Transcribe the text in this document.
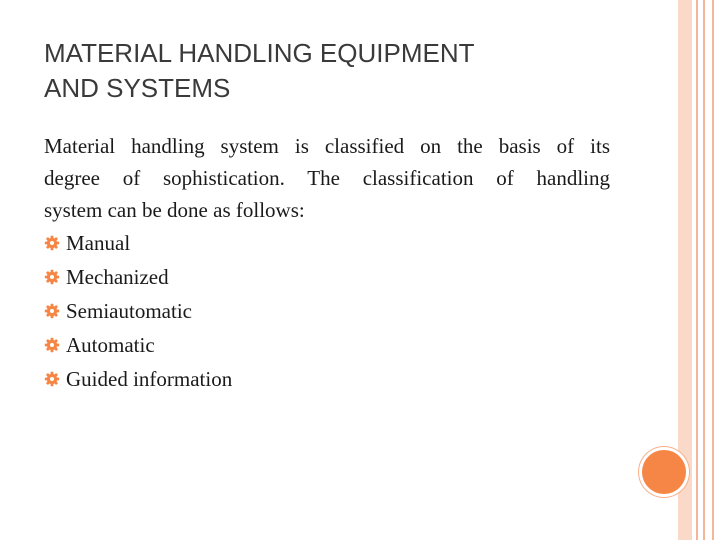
MATERIAL HANDLING EQUIPMENT
AND SYSTEMS

Material handling system is classified on the basis of its
degree of sophistication. The classification of handling
system can be done as follows:

Manual
Mechanized
Semiautomatic
Automatic
Guided information
